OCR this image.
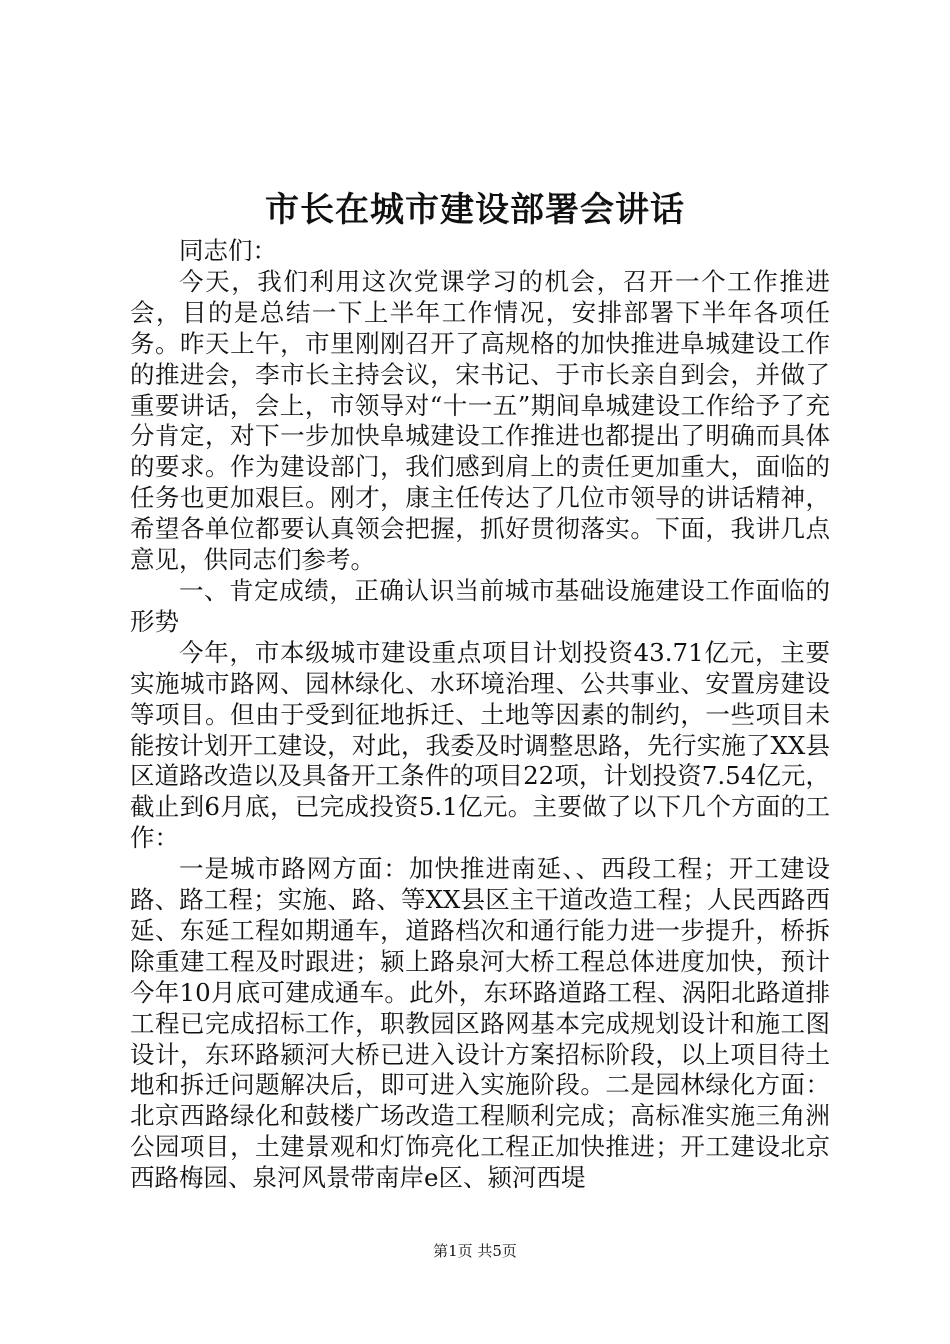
市长在城市建设部署会讲话

同志们：

今天，我们利用这次党课学习的机会，召开一个工作推进会，目的是总结一下上半年工作情况，安排部署下半年各项任务。昨天上午，市里刚刚召开了高规格的加快推进阜城建设工作的推进会，李市长主持会议，宋书记、于市长亲自到会，并做了重要讲话，会上，市领导对“十一五”期间阜城建设工作给予了充分肯定，对下一步加快阜城建设工作推进也都提出了明确而具体的要求。作为建设部门，我们感到肩上的责任更加重大，面临的任务也更加艰巨。刚才，康主任传达了几位市领导的讲话精神，希望各单位都要认真领会把握，抓好贯彻落实。下面，我讲几点意见，供同志们参考。

一、肯定成绩，正确认识当前城市基础设施建设工作面临的形势

今年，市本级城市建设重点项目计划投资43.71亿元，主要实施城市路网、园林绿化、水环境治理、公共事业、安置房建设等项目。但由于受到征地拆迁、土地等因素的制约，一些项目未能按计划开工建设，对此，我委及时调整思路，先行实施了XX县区道路改造以及具备开工条件的项目22项，计划投资7.54亿元，截止到6月底，已完成投资5.1亿元。主要做了以下几个方面的工作：

一是城市路网方面：加快推进南延、、西段工程；开工建设路、路工程；实施、路、等XX县区主干道改造工程；人民西路西延、东延工程如期通车，道路档次和通行能力进一步提升，桥拆除重建工程及时跟进；颍上路泉河大桥工程总体进度加快，预计今年10月底可建成通车。此外，东环路道路工程、涡阳北路道排工程已完成招标工作，职教园区路网基本完成规划设计和施工图设计，东环路颍河大桥已进入设计方案招标阶段，以上项目待土地和拆迁问题解决后，即可进入实施阶段。二是园林绿化方面：北京西路绿化和鼓楼广场改造工程顺利完成；高标准实施三角洲公园项目，土建景观和灯饰亮化工程正加快推进；开工建设北京西路梅园、泉河风景带南岸e区、颍河西堤

第1页 共5页
